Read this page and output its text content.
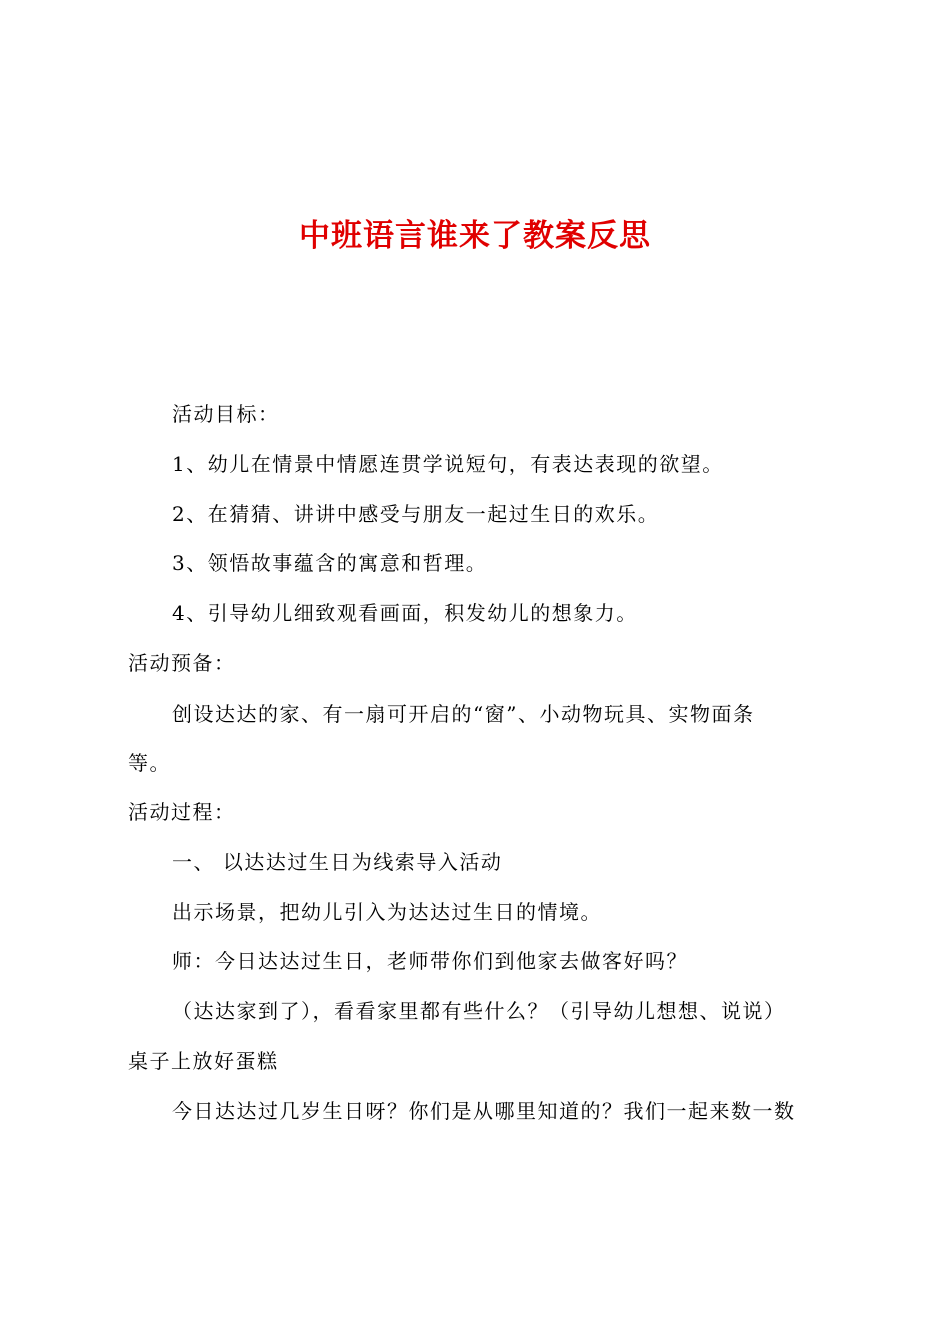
中班语言谁来了教案反思
活动目标：
1、幼儿在情景中情愿连贯学说短句，有表达表现的欲望。
2、在猜猜、讲讲中感受与朋友一起过生日的欢乐。
3、领悟故事蕴含的寓意和哲理。
4、引导幼儿细致观看画面，积发幼儿的想象力。
活动预备：
创设达达的家、有一扇可开启的“窗”、小动物玩具、实物面条
等。
活动过程：
一、 以达达过生日为线索导入活动
出示场景，把幼儿引入为达达过生日的情境。
师：今日达达过生日，老师带你们到他家去做客好吗？
（达达家到了），看看家里都有些什么？（引导幼儿想想、说说）
桌子上放好蛋糕
今日达达过几岁生日呀？你们是从哪里知道的？我们一起来数一数
